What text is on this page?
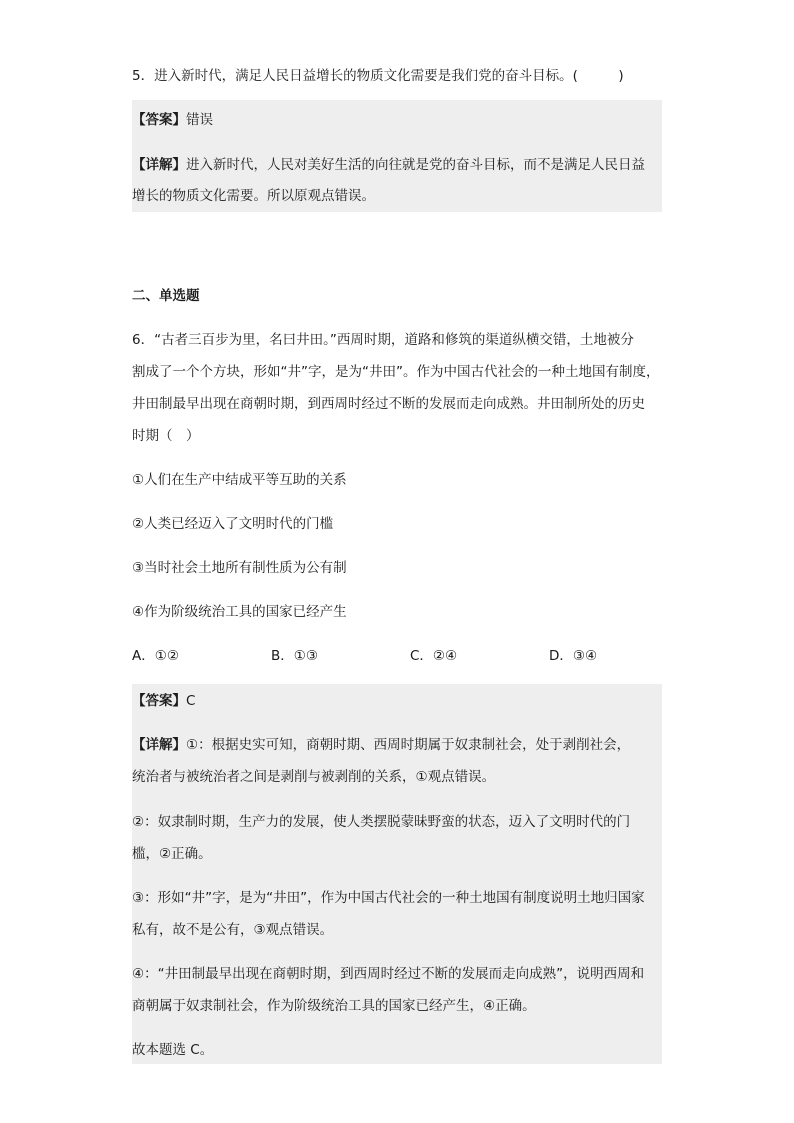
5．进入新时代，满足人民日益增长的物质文化需要是我们党的奋斗目标。(　　　)
【答案】错误
【详解】进入新时代，人民对美好生活的向往就是党的奋斗目标，而不是满足人民日益
增长的物质文化需要。所以原观点错误。
二、单选题
6．“古者三百步为里，名曰井田。”西周时期，道路和修筑的渠道纵横交错，土地被分
割成了一个个方块，形如“井”字，是为“井田”。作为中国古代社会的一种土地国有制度，
井田制最早出现在商朝时期，到西周时经过不断的发展而走向成熟。井田制所处的历史
时期（　）
①人们在生产中结成平等互助的关系
②人类已经迈入了文明时代的门槛
③当时社会土地所有制性质为公有制
④作为阶级统治工具的国家已经产生
A．①②	B．①③	C．②④	D．③④
【答案】C
【详解】①：根据史实可知，商朝时期、西周时期属于奴隶制社会，处于剥削社会，
统治者与被统治者之间是剥削与被剥削的关系，①观点错误。
②：奴隶制时期，生产力的发展，使人类摆脱蒙昧野蛮的状态，迈入了文明时代的门
槛，②正确。
③：形如“井”字，是为“井田”，作为中国古代社会的一种土地国有制度说明土地归国家
私有，故不是公有，③观点错误。
④：“井田制最早出现在商朝时期，到西周时经过不断的发展而走向成熟”，说明西周和
商朝属于奴隶制社会，作为阶级统治工具的国家已经产生，④正确。
故本题选 C。
